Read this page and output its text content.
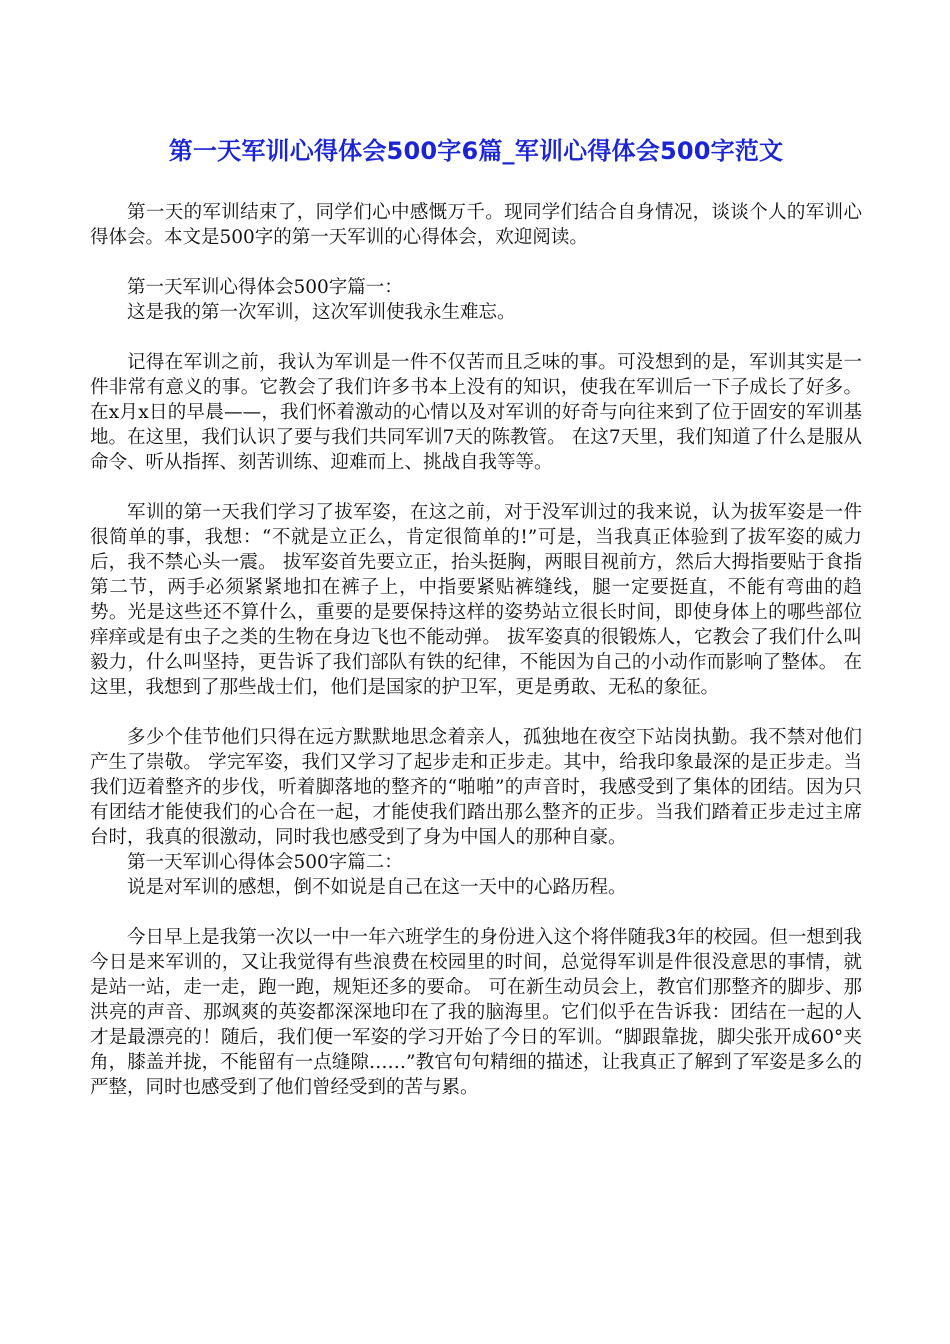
第一天军训心得体会500字6篇_军训心得体会500字范文

第一天的军训结束了，同学们心中感慨万千。现同学们结合自身情况，谈谈个人的军训心得体会。本文是500字的第一天军训的心得体会，欢迎阅读。

第一天军训心得体会500字篇一：

这是我的第一次军训，这次军训使我永生难忘。

记得在军训之前，我认为军训是一件不仅苦而且乏味的事。可没想到的是，军训其实是一件非常有意义的事。它教会了我们许多书本上没有的知识，使我在军训后一下子成长了好多。 在x月x日的早晨——，我们怀着激动的心情以及对军训的好奇与向往来到了位于固安的军训基地。在这里，我们认识了要与我们共同军训7天的陈教管。 在这7天里，我们知道了什么是服从命令、听从指挥、刻苦训练、迎难而上、挑战自我等等。

军训的第一天我们学习了拔军姿，在这之前，对于没军训过的我来说，认为拔军姿是一件很简单的事，我想：“不就是立正么，肯定很简单的!”可是，当我真正体验到了拔军姿的威力后，我不禁心头一震。 拔军姿首先要立正，抬头挺胸，两眼目视前方，然后大拇指要贴于食指第二节，两手必须紧紧地扣在裤子上，中指要紧贴裤缝线，腿一定要挺直，不能有弯曲的趋势。光是这些还不算什么，重要的是要保持这样的姿势站立很长时间，即使身体上的哪些部位痒痒或是有虫子之类的生物在身边飞也不能动弹。 拔军姿真的很锻炼人，它教会了我们什么叫毅力，什么叫坚持，更告诉了我们部队有铁的纪律，不能因为自己的小动作而影响了整体。 在这里，我想到了那些战士们，他们是国家的护卫军，更是勇敢、无私的象征。

多少个佳节他们只得在远方默默地思念着亲人，孤独地在夜空下站岗执勤。我不禁对他们产生了崇敬。 学完军姿，我们又学习了起步走和正步走。其中，给我印象最深的是正步走。当我们迈着整齐的步伐，听着脚落地的整齐的“啪啪”的声音时，我感受到了集体的团结。因为只有团结才能使我们的心合在一起，才能使我们踏出那么整齐的正步。当我们踏着正步走过主席台时，我真的很激动，同时我也感受到了身为中国人的那种自豪。

第一天军训心得体会500字篇二：

说是对军训的感想，倒不如说是自己在这一天中的心路历程。

今日早上是我第一次以一中一年六班学生的身份进入这个将伴随我3年的校园。但一想到我今日是来军训的，又让我觉得有些浪费在校园里的时间，总觉得军训是件很没意思的事情，就是站一站，走一走，跑一跑，规矩还多的要命。 可在新生动员会上，教官们那整齐的脚步、那洪亮的声音、那飒爽的英姿都深深地印在了我的脑海里。它们似乎在告诉我：团结在一起的人才是最漂亮的！随后，我们便一军姿的学习开始了今日的军训。“脚跟靠拢，脚尖张开成60°夹角，膝盖并拢，不能留有一点缝隙……”教官句句精细的描述，让我真正了解到了军姿是多么的严整，同时也感受到了他们曾经受到的苦与累。
